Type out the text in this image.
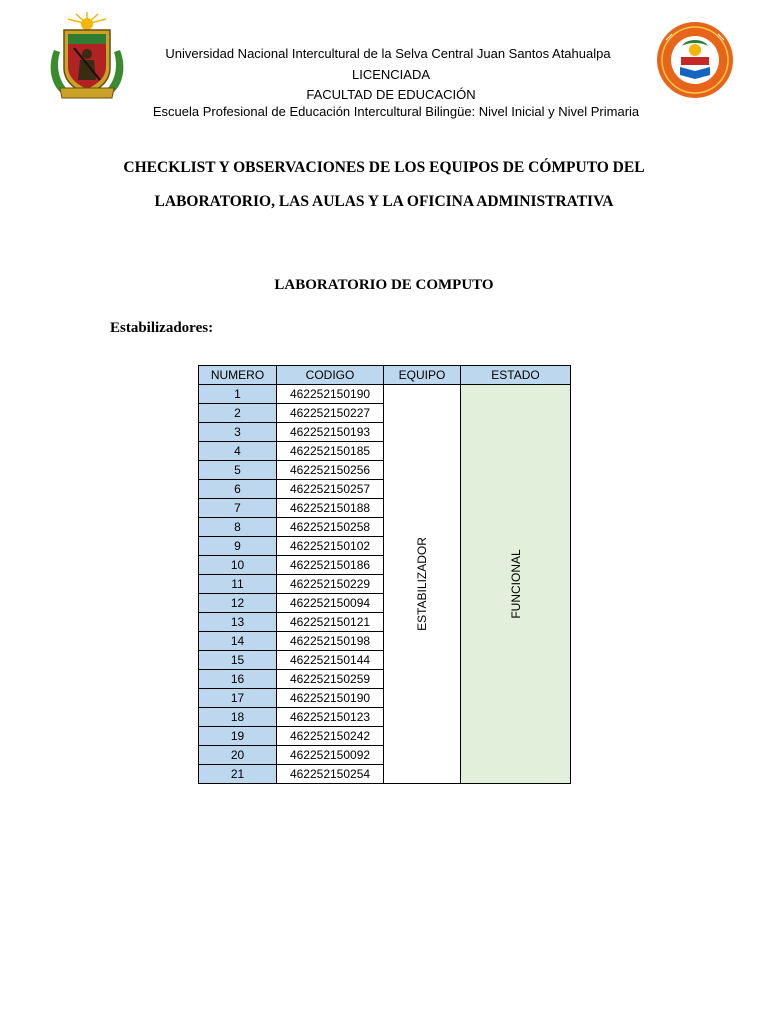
Universidad Nacional Intercultural de la Selva Central Juan Santos Atahualpa
LICENCIADA
FACULTAD DE EDUCACIÓN
Escuela Profesional de Educación Intercultural Bilingüe: Nivel Inicial y Nivel Primaria
CHECKLIST Y OBSERVACIONES DE LOS EQUIPOS DE CÓMPUTO DEL
LABORATORIO, LAS AULAS Y LA OFICINA ADMINISTRATIVA
LABORATORIO DE COMPUTO
Estabilizadores:
NUMERO	CODIGO	EQUIPO	ESTADO
1	462252150190	ESTABILIZADOR	FUNCIONAL

2	462252150227		
3	462252150193		
4	462252150185		
5	462252150256		
6	462252150257		
7	462252150188		
8	462252150258		
9	462252150102		
10	462252150186		
11	462252150229		
12	462252150094		
13	462252150121		
14	462252150198		
15	462252150144		
16	462252150259		
17	462252150190		
18	462252150123		
19	462252150242		
20	462252150092		
21	462252150254		
